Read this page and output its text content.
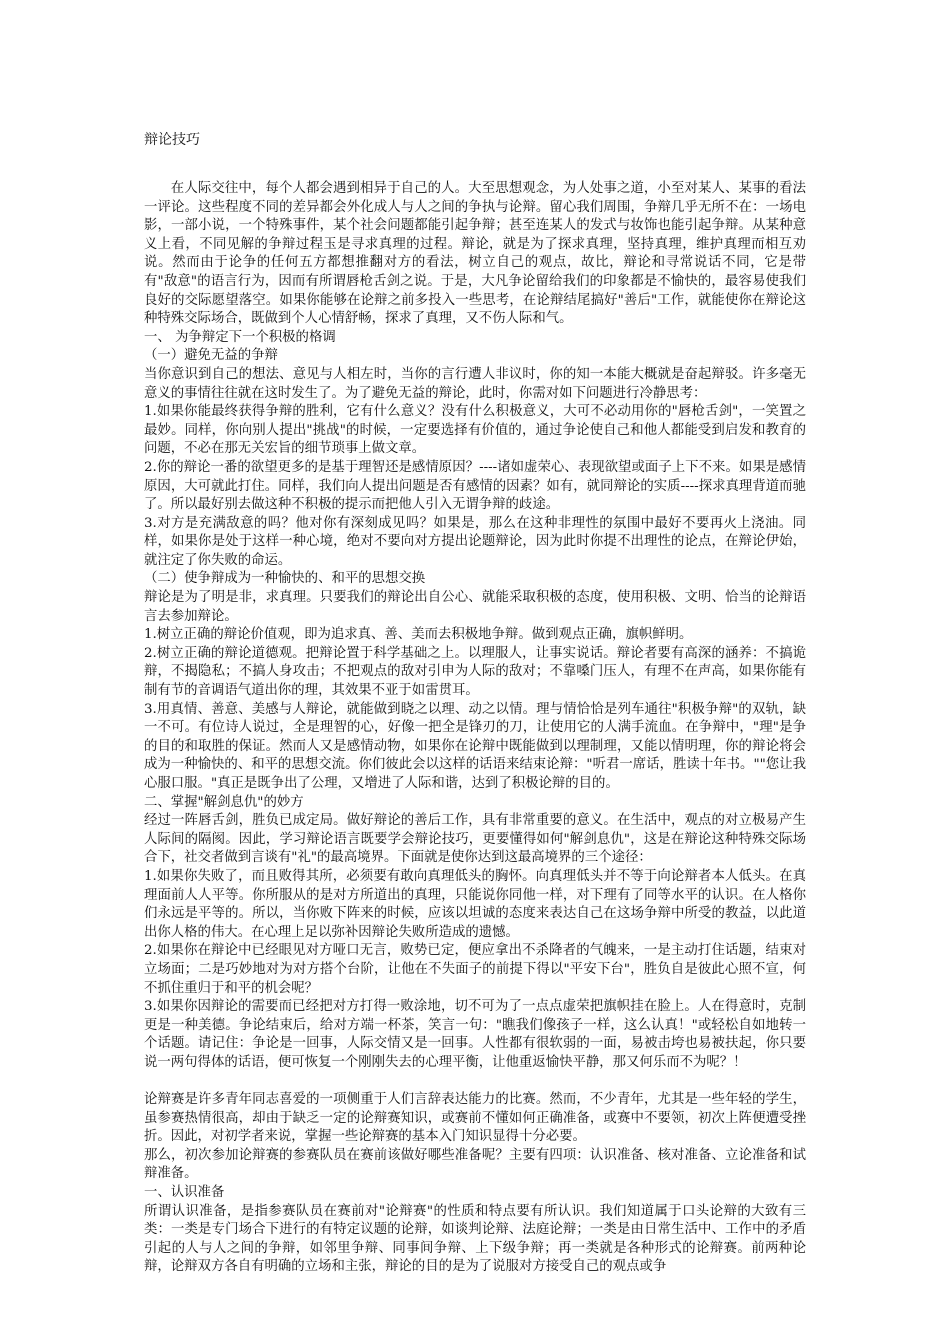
辩论技巧

在人际交往中，每个人都会遇到相异于自己的人。大至思想观念，为人处事之道，小至对某人、某事的看法一评论。这些程度不同的差异都会外化成人与人之间的争执与论辩。留心我们周围，争辩几乎无所不在：一场电影，一部小说，一个特殊事件，某个社会问题都能引起争辩；甚至连某人的发式与妆饰也能引起争辩。从某种意义上看，不同见解的争辩过程玉是寻求真理的过程。辩论，就是为了探求真理，坚持真理，维护真理而相互劝说。然而由于论争的任何五方都想推翻对方的看法，树立自己的观点，故比，辩论和寻常说话不同，它是带有"敌意"的语言行为，因而有所谓唇枪舌剑之说。于是，大凡争论留给我们的印象都是不愉快的，最容易使我们良好的交际愿望落空。如果你能够在论辩之前多投入一些思考，在论辩结尾搞好"善后"工作，就能使你在辩论这种特殊交际场合，既做到个人心情舒畅，探求了真理，又不伤人际和气。

一、 为争辩定下一个积极的格调

（一）避免无益的争辩

当你意识到自己的想法、意见与人相左时，当你的言行遭人非议时，你的知一本能大概就是奋起辩驳。许多毫无意义的事情往往就在这时发生了。为了避免无益的辩论，此时，你需对如下问题进行冷静思考：

1.如果你能最终获得争辩的胜利，它有什么意义？没有什么积极意义，大可不必动用你的"唇枪舌剑"，一笑置之最妙。同样，你向别人提出"挑战"的时候，一定要选择有价值的，通过争论使自己和他人都能受到启发和教育的问题，不必在那无关宏旨的细节琐事上做文章。

2.你的辩论一番的欲望更多的是基于理智还是感情原因？----诸如虚荣心、表现欲望或面子上下不来。如果是感情原因，大可就此打住。同样，我们向人提出问题是否有感情的因素？如有，就同辩论的实质----探求真理背道而驰了。所以最好别去做这种不积极的提示而把他人引入无谓争辩的歧途。

3.对方是充满敌意的吗？他对你有深刻成见吗？如果是，那么在这种非理性的氛围中最好不要再火上浇油。同样，如果你是处于这样一种心境，绝对不要向对方提出论题辩论，因为此时你提不出理性的论点，在辩论伊始，就注定了你失败的命运。

（二）使争辩成为一种愉快的、和平的思想交换

辩论是为了明是非，求真理。只要我们的辩论出自公心、就能采取积极的态度，使用积极、文明、恰当的论辩语言去参加辩论。

1.树立正确的辩论价值观，即为追求真、善、美而去积极地争辩。做到观点正确，旗帜鲜明。

2.树立正确的辩论道德观。把辩论置于科学基础之上。以理服人，让事实说话。辩论者要有高深的涵养：不搞诡辩，不揭隐私；不搞人身攻击；不把观点的敌对引申为人际的敌对；不靠嗓门压人，有理不在声高，如果你能有制有节的音调语气道出你的理，其效果不亚于如雷贯耳。

3.用真情、善意、美感与人辩论，就能做到晓之以理、动之以情。理与情恰恰是列车通往"积极争辩"的双轨，缺一不可。有位诗人说过，全是理智的心，好像一把全是锋刃的刀，让使用它的人满手流血。在争辩中，"理"是争的目的和取胜的保证。然而人又是感情动物，如果你在论辩中既能做到以理制理，又能以情明理，你的辩论将会成为一种愉快的、和平的思想交流。你们彼此会以这样的话语来结束论辩："听君一席话，胜读十年书。""您让我心服口服。"真正是既争出了公理，又增进了人际和谐，达到了积极论辩的目的。

二、掌握"解剑息仇"的妙方

经过一阵唇舌剑，胜负已成定局。做好辩论的善后工作，具有非常重要的意义。在生活中，观点的对立极易产生人际间的隔阂。因此，学习辩论语言既要学会辩论技巧，更要懂得如何"解剑息仇"，这是在辩论这种特殊交际场合下，社交者做到言谈有"礼"的最高境界。下面就是使你达到这最高境界的三个途径：

1.如果你失败了，而且败得其所，必须要有敢向真理低头的胸怀。向真理低头并不等于向论辩者本人低头。在真理面前人人平等。你所服从的是对方所道出的真理，只能说你同他一样，对下理有了同等水平的认识。在人格你们永远是平等的。所以，当你败下阵来的时候，应该以坦诚的态度来表达自己在这场争辩中所受的教益，以此道出你人格的伟大。在心理上足以弥补因辩论失败所造成的遗憾。

2.如果你在辩论中已经眼见对方哑口无言，败势已定，便应拿出不杀降者的气魄来，一是主动打住话题，结束对立场面；二是巧妙地对为对方搭个台阶，让他在不失面子的前提下得以"平安下台"，胜负自是彼此心照不宣，何不抓住重归于和平的机会呢？

3.如果你因辩论的需要而已经把对方打得一败涂地，切不可为了一点点虚荣把旗帜挂在脸上。人在得意时，克制更是一种美德。争论结束后，给对方端一杯茶，笑言一句："瞧我们像孩子一样，这么认真！"或轻松自如地转一个话题。请记住：争论是一回事，人际交情又是一回事。人性都有很软弱的一面，易被击垮也易被扶起，你只要说一两句得体的话语，便可恢复一个刚刚失去的心理平衡，让他重返愉快平静，那又何乐而不为呢？！

论辩赛是许多青年同志喜爱的一项侧重于人们言辞表达能力的比赛。然而，不少青年，尤其是一些年轻的学生，虽参赛热情很高，却由于缺乏一定的论辩赛知识，或赛前不懂如何正确准备，或赛中不要领，初次上阵便遭受挫折。因此，对初学者来说，掌握一些论辩赛的基本入门知识显得十分必要。

那么，初次参加论辩赛的参赛队员在赛前该做好哪些准备呢？主要有四项：认识准备、核对准备、立论准备和试辩准备。

一、认识准备

所谓认识准备，是指参赛队员在赛前对"论辩赛"的性质和特点要有所认识。我们知道属于口头论辩的大致有三类：一类是专门场合下进行的有特定议题的论辩，如谈判论辩、法庭论辩；一类是由日常生活中、工作中的矛盾引起的人与人之间的争辩，如邻里争辩、同事间争辩、上下级争辩；再一类就是各种形式的论辩赛。前两种论辩，论辩双方各自有明确的立场和主张，辩论的目的是为了说服对方接受自己的观点或争
